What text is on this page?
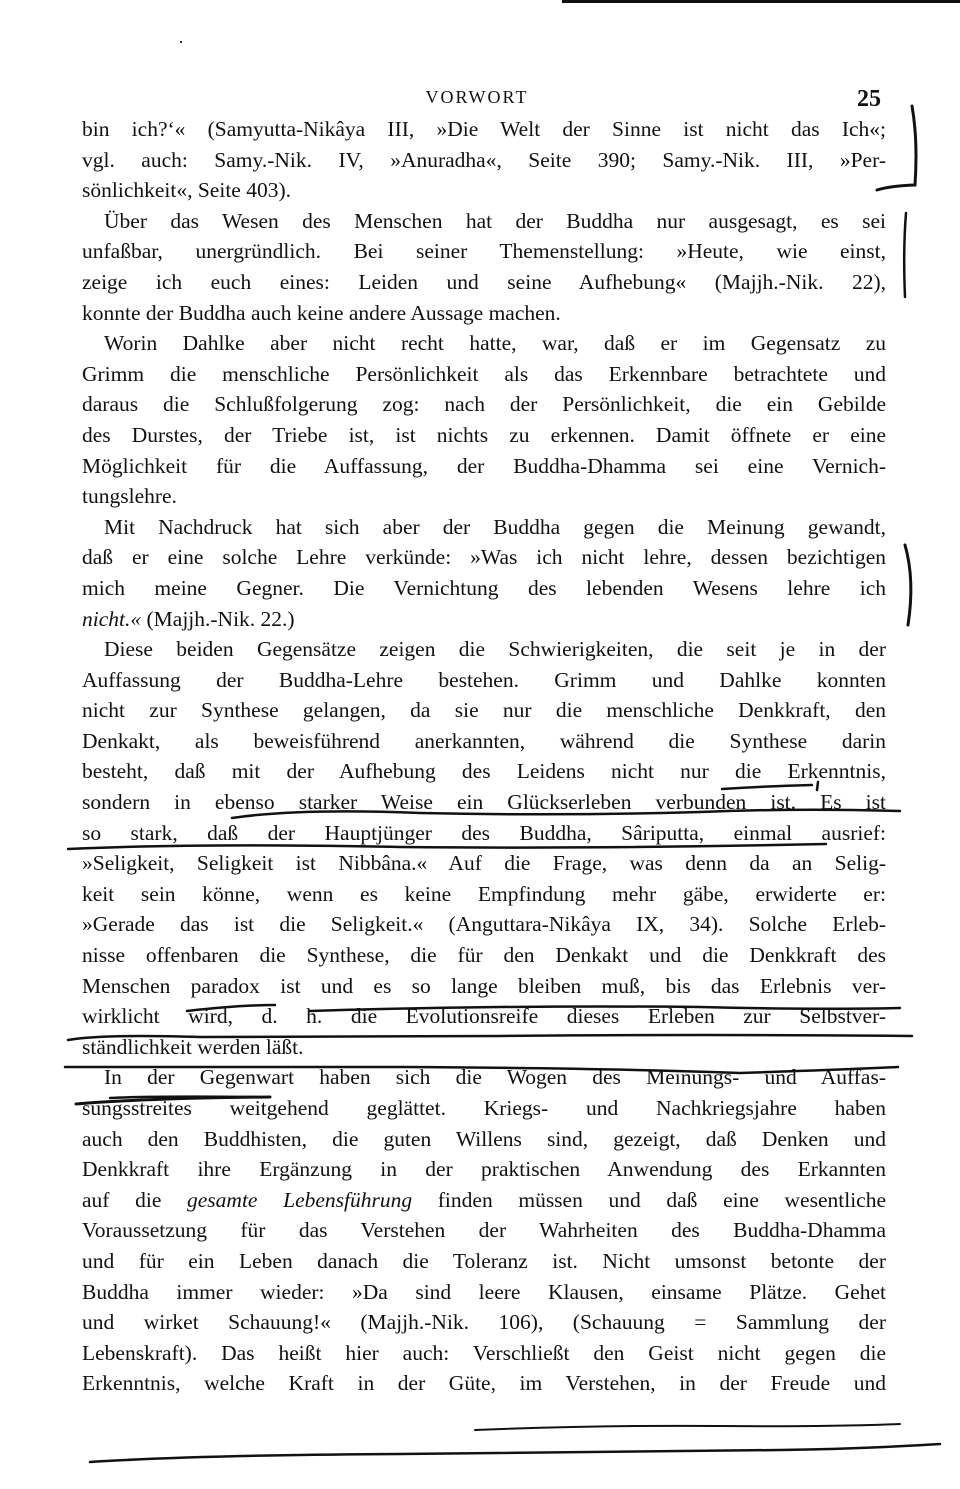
VORWORT	25
bin ich?‘« (Samyutta-Nikâya III, »Die Welt der Sinne ist nicht das Ich«;
vgl. auch: Samy.-Nik. IV, »Anuradha«, Seite 390; Samy.-Nik. III, »Per-
sönlichkeit«, Seite 403).
Über das Wesen des Menschen hat der Buddha nur ausgesagt, es sei
unfaßbar, unergründlich. Bei seiner Themenstellung: »Heute, wie einst,
zeige ich euch eines: Leiden und seine Aufhebung« (Majjh.-Nik. 22),
konnte der Buddha auch keine andere Aussage machen.
Worin Dahlke aber nicht recht hatte, war, daß er im Gegensatz zu
Grimm die menschliche Persönlichkeit als das Erkennbare betrachtete und
daraus die Schlußfolgerung zog: nach der Persönlichkeit, die ein Gebilde
des Durstes, der Triebe ist, ist nichts zu erkennen. Damit öffnete er eine
Möglichkeit für die Auffassung, der Buddha-Dhamma sei eine Vernich-
tungslehre.
Mit Nachdruck hat sich aber der Buddha gegen die Meinung gewandt,
daß er eine solche Lehre verkünde: »Was ich nicht lehre, dessen bezichtigen
mich meine Gegner. Die Vernichtung des lebenden Wesens lehre ich
nicht.« (Majjh.-Nik. 22.)
Diese beiden Gegensätze zeigen die Schwierigkeiten, die seit je in der
Auffassung der Buddha-Lehre bestehen. Grimm und Dahlke konnten
nicht zur Synthese gelangen, da sie nur die menschliche Denkkraft, den
Denkakt, als beweisführend anerkannten, während die Synthese darin
besteht, daß mit der Aufhebung des Leidens nicht nur die Erkenntnis,
sondern in ebenso starker Weise ein Glückserleben verbunden ist. Es ist
so stark, daß der Hauptjünger des Buddha, Sâriputta, einmal ausrief:
»Seligkeit, Seligkeit ist Nibbâna.« Auf die Frage, was denn da an Selig-
keit sein könne, wenn es keine Empfindung mehr gäbe, erwiderte er:
»Gerade das ist die Seligkeit.« (Anguttara-Nikâya IX, 34). Solche Erleb-
nisse offenbaren die Synthese, die für den Denkakt und die Denkkraft des
Menschen paradox ist und es so lange bleiben muß, bis das Erlebnis ver-
wirklicht wird, d. h. die Evolutionsreife dieses Erleben zur Selbstver-
ständlichkeit werden läßt.
In der Gegenwart haben sich die Wogen des Meinungs- und Auffas-
sungsstreites weitgehend geglättet. Kriegs- und Nachkriegsjahre haben
auch den Buddhisten, die guten Willens sind, gezeigt, daß Denken und
Denkkraft ihre Ergänzung in der praktischen Anwendung des Erkannten
auf die gesamte Lebensführung finden müssen und daß eine wesentliche
Voraussetzung für das Verstehen der Wahrheiten des Buddha-Dhamma
und für ein Leben danach die Toleranz ist. Nicht umsonst betonte der
Buddha immer wieder: »Da sind leere Klausen, einsame Plätze. Gehet
und wirket Schauung!« (Majjh.-Nik. 106), (Schauung = Sammlung der
Lebenskraft). Das heißt hier auch: Verschließt den Geist nicht gegen die
Erkenntnis, welche Kraft in der Güte, im Verstehen, in der Freude und
